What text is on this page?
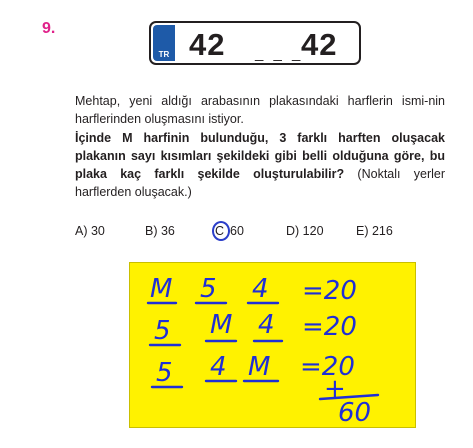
9.
TR 42 _ _ _
42
Mehtap, yeni aldığı arabasının plakasındaki harflerin ismi-nin harflerinden oluşmasını istiyor.
İçinde M harfinin bulunduğu, 3 farklı harften oluşacak plakanın sayı kısımları şekildeki gibi belli olduğuna göre, bu plaka kaç farklı şekilde oluşturulabilir? (Noktalı yerler harflerden oluşacak.)
A) 30	B) 36	C 60	D) 120	E) 216
M 5 4 =20
5 M 4 =20
5 4 M =20
+
60
